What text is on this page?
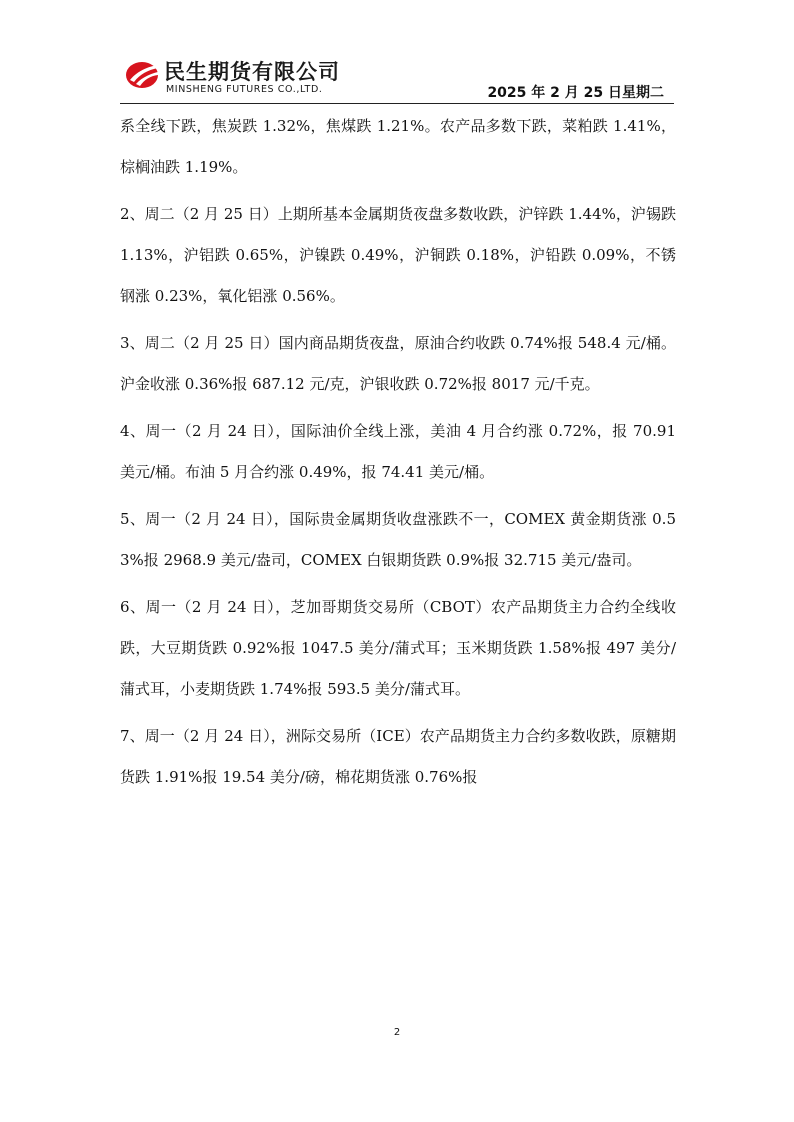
民生期货有限公司
MINSHENG FUTURES CO.,LTD.	2025 年 2 月 25 日星期二

系全线下跌，焦炭跌 1.32%，焦煤跌 1.21%。农产品多数下跌，菜粕跌 1.41%，棕榈油跌 1.19%。

2、周二（2 月 25 日）上期所基本金属期货夜盘多数收跌，沪锌跌 1.44%，沪锡跌 1.13%，沪铝跌 0.65%，沪镍跌 0.49%，沪铜跌 0.18%，沪铅跌 0.09%，不锈钢涨 0.23%，氧化铝涨 0.56%。

3、周二（2 月 25 日）国内商品期货夜盘，原油合约收跌 0.74%报 548.4 元/桶。沪金收涨 0.36%报 687.12 元/克，沪银收跌 0.72%报 8017 元/千克。

4、周一（2 月 24 日），国际油价全线上涨，美油 4 月合约涨 0.72%，报 70.91 美元/桶。布油 5 月合约涨 0.49%，报 74.41 美元/桶。

5、周一（2 月 24 日），国际贵金属期货收盘涨跌不一，COMEX 黄金期货涨 0.53%报 2968.9 美元/盎司，COMEX 白银期货跌 0.9%报 32.715 美元/盎司。

6、周一（2 月 24 日），芝加哥期货交易所（CBOT）农产品期货主力合约全线收跌，大豆期货跌 0.92%报 1047.5 美分/蒲式耳；玉米期货跌 1.58%报 497 美分/蒲式耳，小麦期货跌 1.74%报 593.5 美分/蒲式耳。

7、周一（2 月 24 日），洲际交易所（ICE）农产品期货主力合约多数收跌，原糖期货跌 1.91%报 19.54 美分/磅，棉花期货涨 0.76%报

2
